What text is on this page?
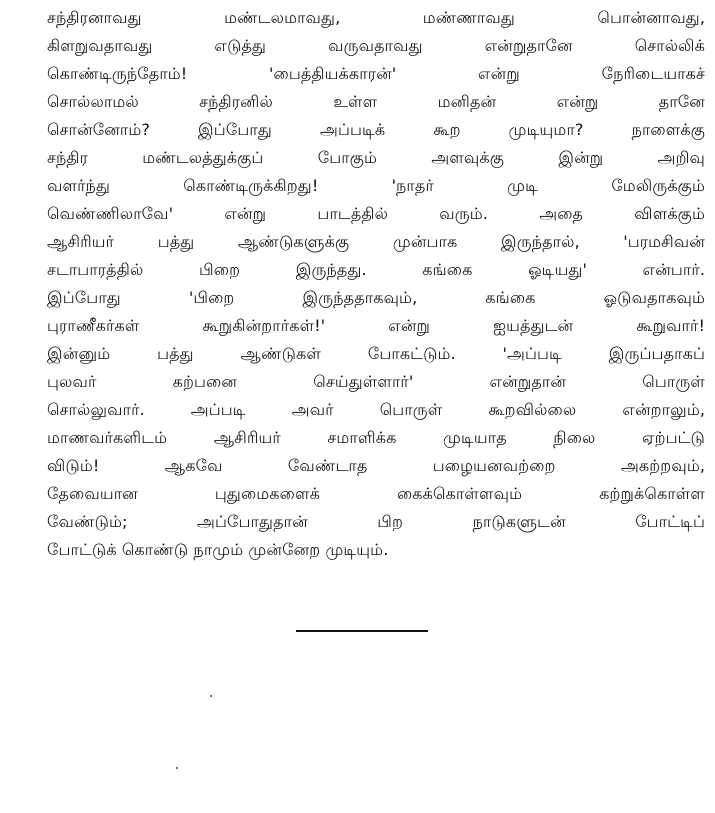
சந்திரனாவது மண்டலமாவது, மண்ணாவது பொன்னாவது,
கிளறுவதாவது எடுத்து வருவதாவது என்றுதானே சொல்லிக்
கொண்டிருந்தோம்! 'பைத்தியக்காரன்' என்று நேரிடையாகச்
சொல்லாமல் சந்திரனில் உள்ள மனிதன் என்று தானே
சொன்னோம்? இப்போது அப்படிக் கூற முடியுமா? நாளைக்கு
சந்திர மண்டலத்துக்குப் போகும் அளவுக்கு இன்று அறிவு
வளர்ந்து கொண்டிருக்கிறது! 'நாதர் முடி மேலிருக்கும்
வெண்ணிலாவே' என்று பாடத்தில் வரும். அதை விளக்கும்
ஆசிரியர் பத்து ஆண்டுகளுக்கு முன்பாக இருந்தால், 'பரமசிவன்
சடாபாரத்தில் பிறை இருந்தது. கங்கை ஓடியது' என்பார்.
இப்போது 'பிறை இருந்ததாகவும், கங்கை ஓடுவதாகவும்
புராணீகர்கள் கூறுகின்றார்கள்!' என்று ஐயத்துடன் கூறுவார்!
இன்னும் பத்து ஆண்டுகள் போகட்டும். 'அப்படி இருப்பதாகப்
புலவர் கற்பனை செய்துள்ளார்' என்றுதான் பொருள்
சொல்லுவார். அப்படி அவர் பொருள் கூறவில்லை என்றாலும்,
மாணவர்களிடம் ஆசிரியர் சமாளிக்க முடியாத நிலை ஏற்பட்டு
விடும்! ஆகவே வேண்டாத பழையனவற்றை அகற்றவும்,
தேவையான புதுமைகளைக் கைக்கொள்ளவும் கற்றுக்கொள்ள
வேண்டும்; அப்போதுதான் பிற நாடுகளுடன் போட்டிப்
போட்டுக் கொண்டு நாமும் முன்னேற முடியும்.
